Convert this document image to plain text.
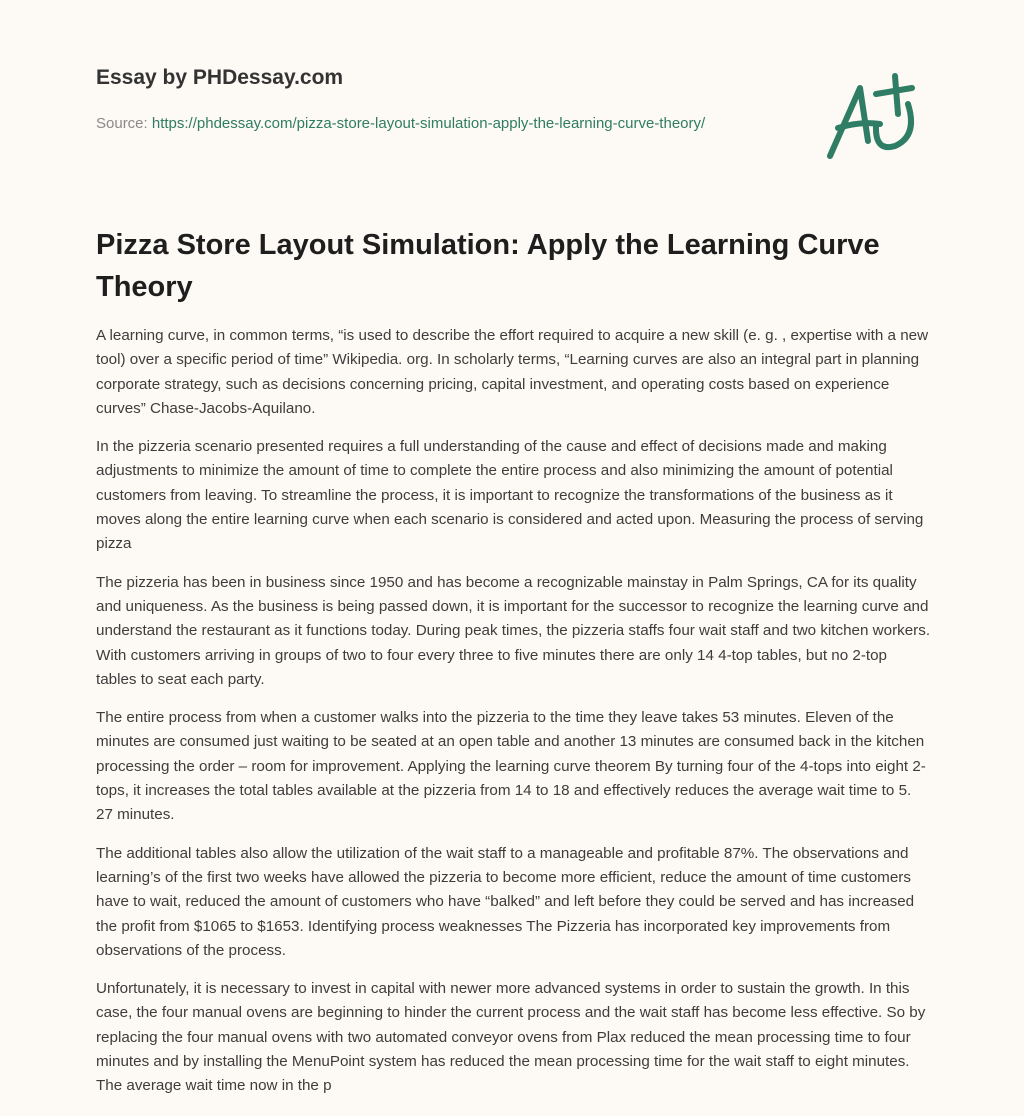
Essay by PHDessay.com
Source: https://phdessay.com/pizza-store-layout-simulation-apply-the-learning-curve-theory/
Pizza Store Layout Simulation: Apply the Learning Curve Theory

A learning curve, in common terms, “is used to describe the effort required to acquire a new skill (e. g. , expertise with a new tool) over a specific period of time” Wikipedia. org. In scholarly terms, “Learning curves are also an integral part in planning corporate strategy, such as decisions concerning pricing, capital investment, and operating costs based on experience curves” Chase-Jacobs-Aquilano.

In the pizzeria scenario presented requires a full understanding of the cause and effect of decisions made and making adjustments to minimize the amount of time to complete the entire process and also minimizing the amount of potential customers from leaving. To streamline the process, it is important to recognize the transformations of the business as it moves along the entire learning curve when each scenario is considered and acted upon. Measuring the process of serving pizza

The pizzeria has been in business since 1950 and has become a recognizable mainstay in Palm Springs, CA for its quality and uniqueness. As the business is being passed down, it is important for the successor to recognize the learning curve and understand the restaurant as it functions today. During peak times, the pizzeria staffs four wait staff and two kitchen workers. With customers arriving in groups of two to four every three to five minutes there are only 14 4-top tables, but no 2-top tables to seat each party.

The entire process from when a customer walks into the pizzeria to the time they leave takes 53 minutes. Eleven of the minutes are consumed just waiting to be seated at an open table and another 13 minutes are consumed back in the kitchen processing the order – room for improvement. Applying the learning curve theorem By turning four of the 4-tops into eight 2-tops, it increases the total tables available at the pizzeria from 14 to 18 and effectively reduces the average wait time to 5. 27 minutes.

The additional tables also allow the utilization of the wait staff to a manageable and profitable 87%. The observations and learning’s of the first two weeks have allowed the pizzeria to become more efficient, reduce the amount of time customers have to wait, reduced the amount of customers who have “balked” and left before they could be served and has increased the profit from $1065 to $1653. Identifying process weaknesses The Pizzeria has incorporated key improvements from observations of the process.

Unfortunately, it is necessary to invest in capital with newer more advanced systems in order to sustain the growth. In this case, the four manual ovens are beginning to hinder the current process and the wait staff has become less effective. So by replacing the four manual ovens with two automated conveyor ovens from Plax reduced the mean processing time to four minutes and by installing the MenuPoint system has reduced the mean processing time for the wait staff to eight minutes. The average wait time now in the p
